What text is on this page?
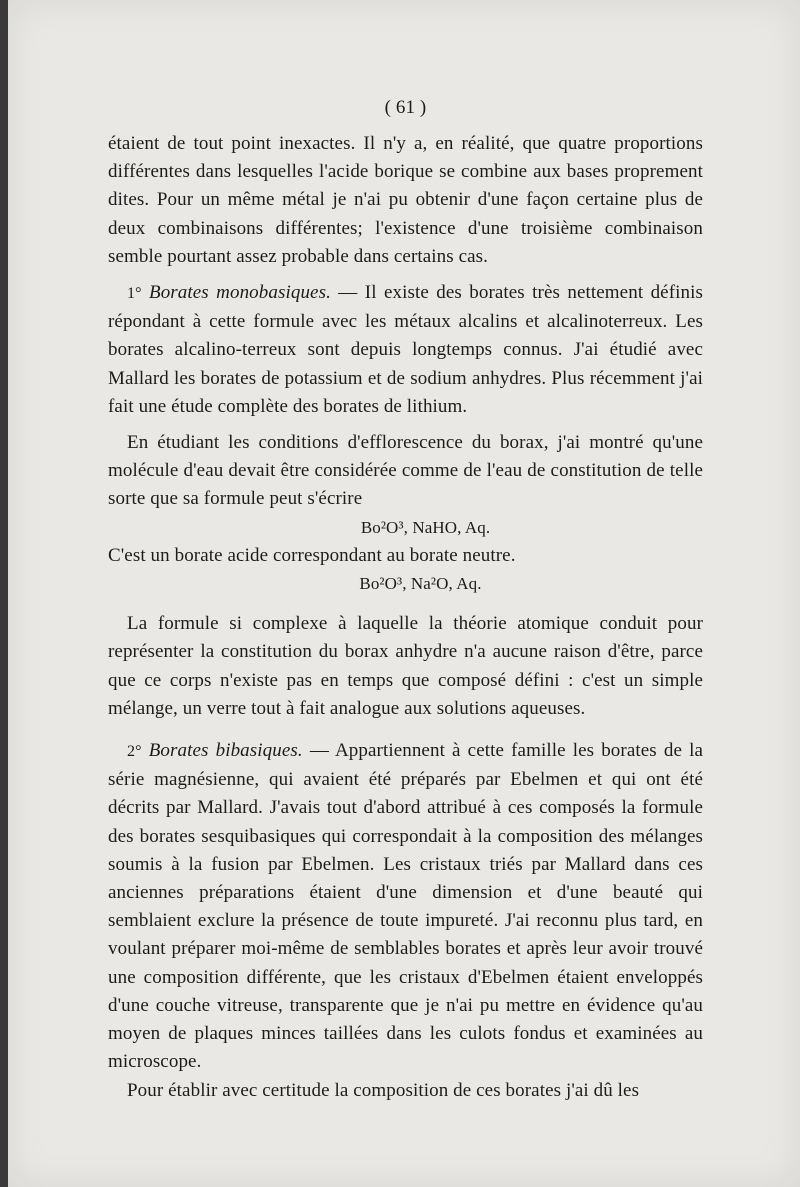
( 61 )

étaient de tout point inexactes. Il n'y a, en réalité, que quatre proportions différentes dans lesquelles l'acide borique se combine aux bases proprement dites. Pour un même métal je n'ai pu obtenir d'une façon certaine plus de deux combinaisons différentes; l'existence d'une troisième combinaison semble pourtant assez probable dans certains cas.

1° Borates monobasiques. — Il existe des borates très nettement définis répondant à cette formule avec les métaux alcalins et alcalinoterreux. Les borates alcalino-terreux sont depuis longtemps connus. J'ai étudié avec Mallard les borates de potassium et de sodium anhydres. Plus récemment j'ai fait une étude complète des borates de lithium.

En étudiant les conditions d'efflorescence du borax, j'ai montré qu'une molécule d'eau devait être considérée comme de l'eau de constitution de telle sorte que sa formule peut s'écrire

Bo²O³, NaHO, Aq.

C'est un borate acide correspondant au borate neutre.

Bo²O³, Na²O, Aq.

La formule si complexe à laquelle la théorie atomique conduit pour représenter la constitution du borax anhydre n'a aucune raison d'être, parce que ce corps n'existe pas en temps que composé défini : c'est un simple mélange, un verre tout à fait analogue aux solutions aqueuses.

2° Borates bibasiques. — Appartiennent à cette famille les borates de la série magnésienne, qui avaient été préparés par Ebelmen et qui ont été décrits par Mallard. J'avais tout d'abord attribué à ces composés la formule des borates sesquibasiques qui correspondait à la composition des mélanges soumis à la fusion par Ebelmen. Les cristaux triés par Mallard dans ces anciennes préparations étaient d'une dimension et d'une beauté qui semblaient exclure la présence de toute impureté. J'ai reconnu plus tard, en voulant préparer moi-même de semblables borates et après leur avoir trouvé une composition différente, que les cristaux d'Ebelmen étaient enveloppés d'une couche vitreuse, transparente que je n'ai pu mettre en évidence qu'au moyen de plaques minces taillées dans les culots fondus et examinées au microscope.

Pour établir avec certitude la composition de ces borates j'ai dû les
